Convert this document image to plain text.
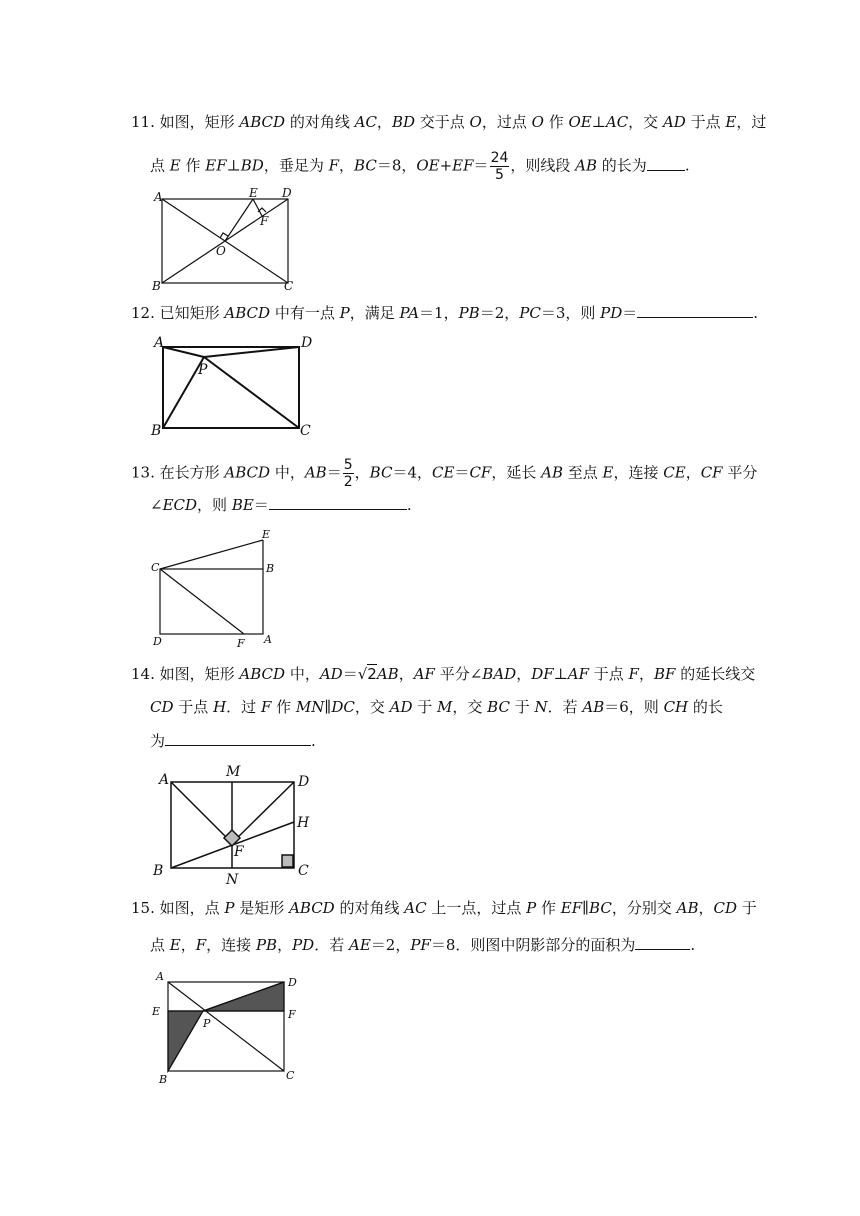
11. 如图，矩形 ABCD 的对角线 AC，BD 交于点 O，过点 O 作 OE⊥AC，交 AD 于点 E，过
点 E 作 EF⊥BD，垂足为 F，BC＝8，$OE+EF= \frac{24}{5}$ ，则线段 AB 的长为	.
A	E D
F
O
B	C
12. 已知矩形 ABCD 中有一点 P，满足 PA＝1，PB＝2，PC＝3，则 PD＝	.
A	D
P
B	C
13. 在长方形 ABCD 中，$AB= \frac{5}{2}$ ，BC＝4，CE＝CF，延长 AB 至点 E，连接 CE，CF 平分
∠ECD，则 BE＝	.
E
C	B
D	F A
14. 如图，矩形 ABCD 中，AD＝√2AB，AF 平分∠BAD，DF⊥AF 于点 F，BF 的延长线交
CD 于点 H．过 F 作 MN∥DC，交 AD 于 M，交 BC 于 N．若 AB＝6，则 CH 的长
为	.
A	M
D
H
F
B
N
C
15. 如图，点 P 是矩形 ABCD 的对角线 AC 上一点，过点 P 作 EF∥BC，分别交 AB，CD 于
点 E，F，连接 PB，PD．若 AE＝2，PF＝8．则图中阴影部分的面积为	.
A	D
E
P
F
B	C
